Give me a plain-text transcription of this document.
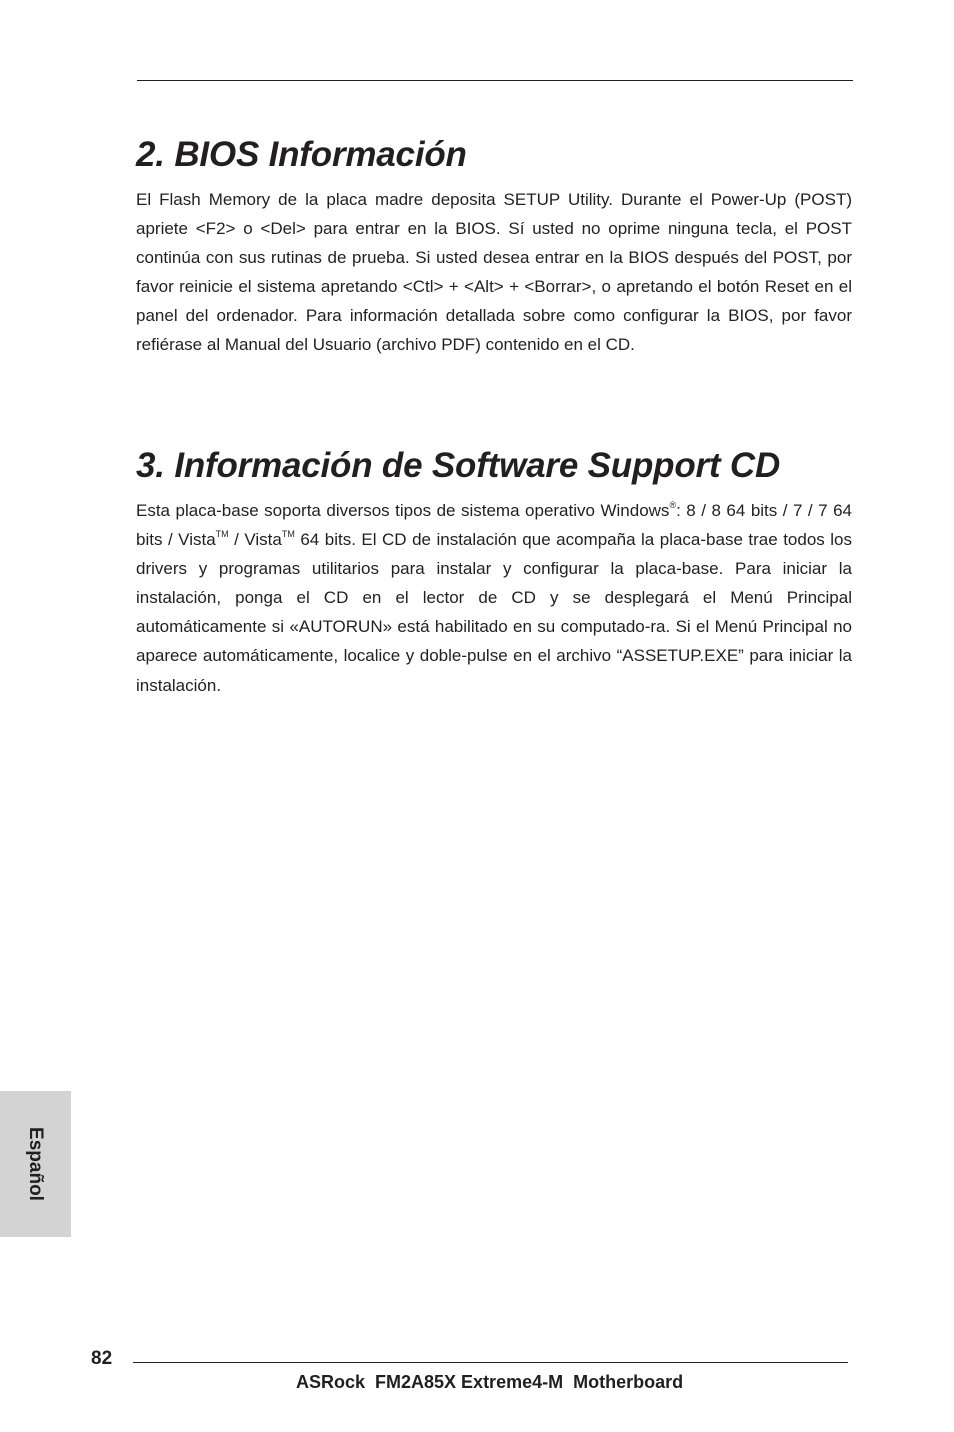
2. BIOS Información

El Flash Memory de la placa madre deposita SETUP Utility. Durante el Power-Up (POST) apriete <F2> o <Del> para entrar en la BIOS. Sí usted no oprime ninguna tecla, el POST continúa con sus rutinas de prueba. Si usted desea entrar en la BIOS después del POST, por favor reinicie el sistema apretando <Ctl> + <Alt> + <Borrar>, o apretando el botón Reset en el panel del ordenador. Para información detallada sobre como configurar la BIOS, por favor refiérase al Manual del Usuario (archivo PDF) contenido en el CD.

3. Información de Software Support CD

Esta placa-base soporta diversos tipos de sistema operativo Windows®: 8 / 8 64 bits / 7 / 7 64 bits / Vista™ / Vista™ 64 bits. El CD de instalación que acompaña la placa-base trae todos los drivers y programas utilitarios para instalar y configurar la placa-base. Para iniciar la instalación, ponga el CD en el lector de CD y se desplegará el Menú Principal automáticamente si «AUTORUN» está habilitado en su computado-ra. Si el Menú Principal no aparece automáticamente, localice y doble-pulse en el archivo “ASSETUP.EXE” para iniciar la instalación.

Español
82
ASRock  FM2A85X Extreme4-M  Motherboard
